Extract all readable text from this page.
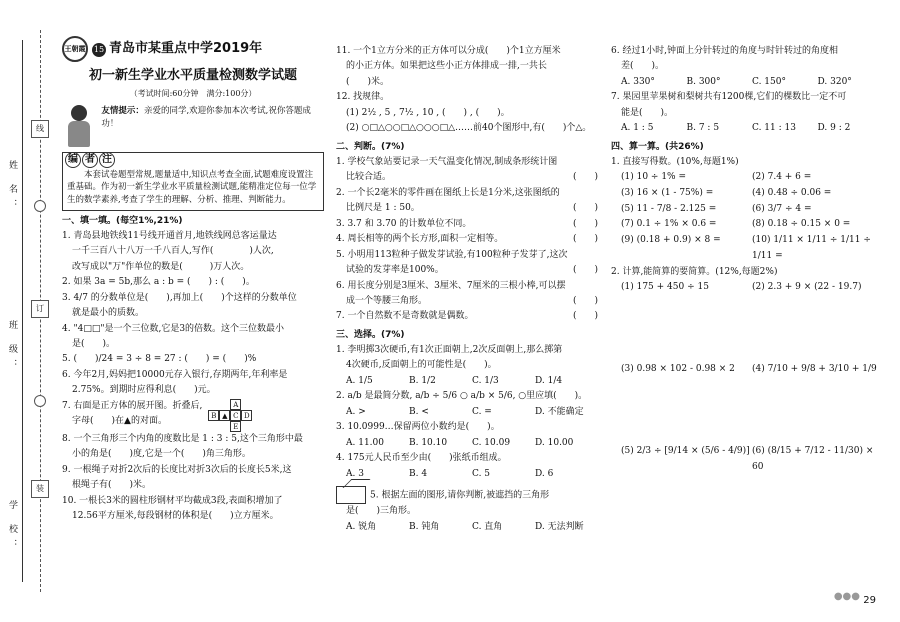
姓 名：
班 级：
学 校：
线
订
装
王朝霞	15 青岛市某重点中学2019年
初一新生学业水平质量检测数学试题
（考试时间:60分钟　满分:100分）
友情提示：亲爱的同学,欢迎你参加本次考试,祝你答题成功！
编 者 注
本套试卷题型常规,题量适中,知识点考查全面,试题难度设置注重基础。作为初一新生学业水平质量检测试题,能精准定位每一位学生的数学素养,考查了学生的理解、分析、推理、判断能力。
一、填一填。(每空1%,21%)
1. 青岛县地铁线11号线开通首月,地铁线网总客运量达
一千三百八十八万一千八百人,写作(　　　　)人次,
改写成以"万"作单位的数是(　　　)万人次。
2. 如果 3a = 5b,那么 a : b = (　　) : (　　)。
3. 4/7 的分数单位是(　　),再加上(　　)个这样的分数单位
就是最小的质数。
4. "4□□"是一个三位数,它是3的倍数。这个三位数最小
是(　　)。
5. (　　)/24 = 3 ÷ 8 = 27 : (　　) = (　　)%
6. 今年2月,妈妈把10000元存入银行,存期两年,年利率是
2.75%。到期时应得利息(　　)元。
7. 右面是正方体的展开图。折叠后,
字母(　　)在▲的对面。
A
B ▲ C D
E
8. 一个三角形三个内角的度数比是 1 : 3 : 5,这个三角形中最
小的角是(　　)度,它是一个(　　)角三角形。
9. 一根绳子对折2次后的长度比对折3次后的长度长5米,这
根绳子有(　　)米。
10. 一根长3米的圆柱形钢材平均截成3段,表面积增加了
12.56平方厘米,每段钢材的体积是(　　)立方厘米。
11. 一个1立方分米的正方体可以分成(　　)个1立方厘米
的小正方体。如果把这些小正方体排成一排,一共长
(　　)米。
12. 找规律。
(1) 2½ , 5 , 7½ , 10 , (　　) , (　　)。
(2) ○□△○○□△○○○□△……前40个图形中,有(　　)个△。
二、判断。(7%)
1. 学校气象站要记录一天气温变化情况,制成条形统计图
比较合适。	(　　)
2. 一个长2毫米的零件画在图纸上长是1分米,这张图纸的
比例尺是 1 : 50。	(　　)
3. 3.7 和 3.70 的计数单位不同。	(　　)
4. 周长相等的两个长方形,面积一定相等。	(　　)
5. 小明用113粒种子做发芽试验,有100粒种子发芽了,这次
试验的发芽率是100%。	(　　)
6. 用长度分别是3厘米、3厘米、7厘米的三根小棒,可以摆
成一个等腰三角形。	(　　)
7. 一个自然数不是奇数就是偶数。	(　　)
三、选择。(7%)
1. 李明掷3次硬币,有1次正面朝上,2次反面朝上,那么掷第
4次硬币,反面朝上的可能性是(　　)。
A. 1/5	B. 1/2	C. 1/3	D. 1/4
2. a/b 是最简分数, a/b ÷ 5/6 ○ a/b × 5/6, ○里应填(　　)。
A. >	B. <	C. =	D. 不能确定
3. 10.0999…保留两位小数约是(　　)。
A. 11.00	B. 10.10	C. 10.09	D. 10.00
4. 175元人民币至少由(　　)张纸币组成。
A. 3	B. 4	C. 5	D. 6
5. 根据左面的图形,请你判断,被遮挡的三角形
是(　　)三角形。
A. 锐角	B. 钝角	C. 直角	D. 无法判断
6. 经过1小时,钟面上分针转过的角度与时针转过的角度相
差(　　)。
A. 330°	B. 300°	C. 150°	D. 320°
7. 果园里苹果树和梨树共有1200棵,它们的棵数比一定不可
能是(　　)。
A. 1 : 5	B. 7 : 5	C. 11 : 13	D. 9 : 2
四、算一算。(共26%)
1. 直接写得数。(10%,每题1%)
(1) 10 ÷ 1% =	(2) 7.4 + 6 =
(3) 16 × (1 - 75%) =	(4) 0.48 ÷ 0.06 =
(5) 11 - 7/8 - 2.125 =	(6) 3/7 ÷ 4 =
(7) 0.1 ÷ 1% × 0.6 =	(8) 0.18 ÷ 0.15 × 0 =
(9) (0.18 + 0.9) × 8 =	(10) 1/11 × 1/11 ÷ 1/11 ÷ 1/11 =
2. 计算,能简算的要简算。(12%,每题2%)
(1) 175 + 450 ÷ 15	(2) 2.3 + 9 × (22 - 19.7)
(3) 0.98 × 102 - 0.98 × 2	(4) 7/10 + 9/8 + 3/10 + 1/9
(5) 2/3 ÷ [9/14 × (5/6 - 4/9)] (6) (8/15 + 7/12 - 11/30) × 60
●●● 29
